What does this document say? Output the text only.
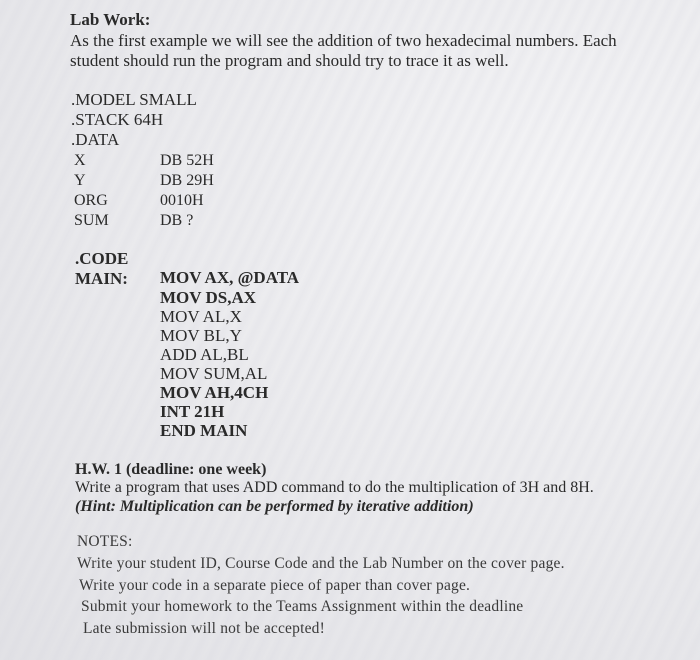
Lab Work:
As the first example we will see the addition of two hexadecimal numbers. Each
student should run the program and should try to trace it as well.
.MODEL SMALL
.STACK 64H
.DATA
X	DB 52H
Y	DB 29H
ORG	0010H
SUM	DB ?
.CODE
MAIN: MOV AX, @DATA
MOV DS,AX
MOV AL,X
MOV BL,Y
ADD AL,BL
MOV SUM,AL
MOV AH,4CH
INT 21H
END MAIN
H.W. 1 (deadline: one week)
Write a program that uses ADD command to do the multiplication of 3H and 8H.
(Hint: Multiplication can be performed by iterative addition)
NOTES:
Write your student ID, Course Code and the Lab Number on the cover page.
Write your code in a separate piece of paper than cover page.
Submit your homework to the Teams Assignment within the deadline
Late submission will not be accepted!
